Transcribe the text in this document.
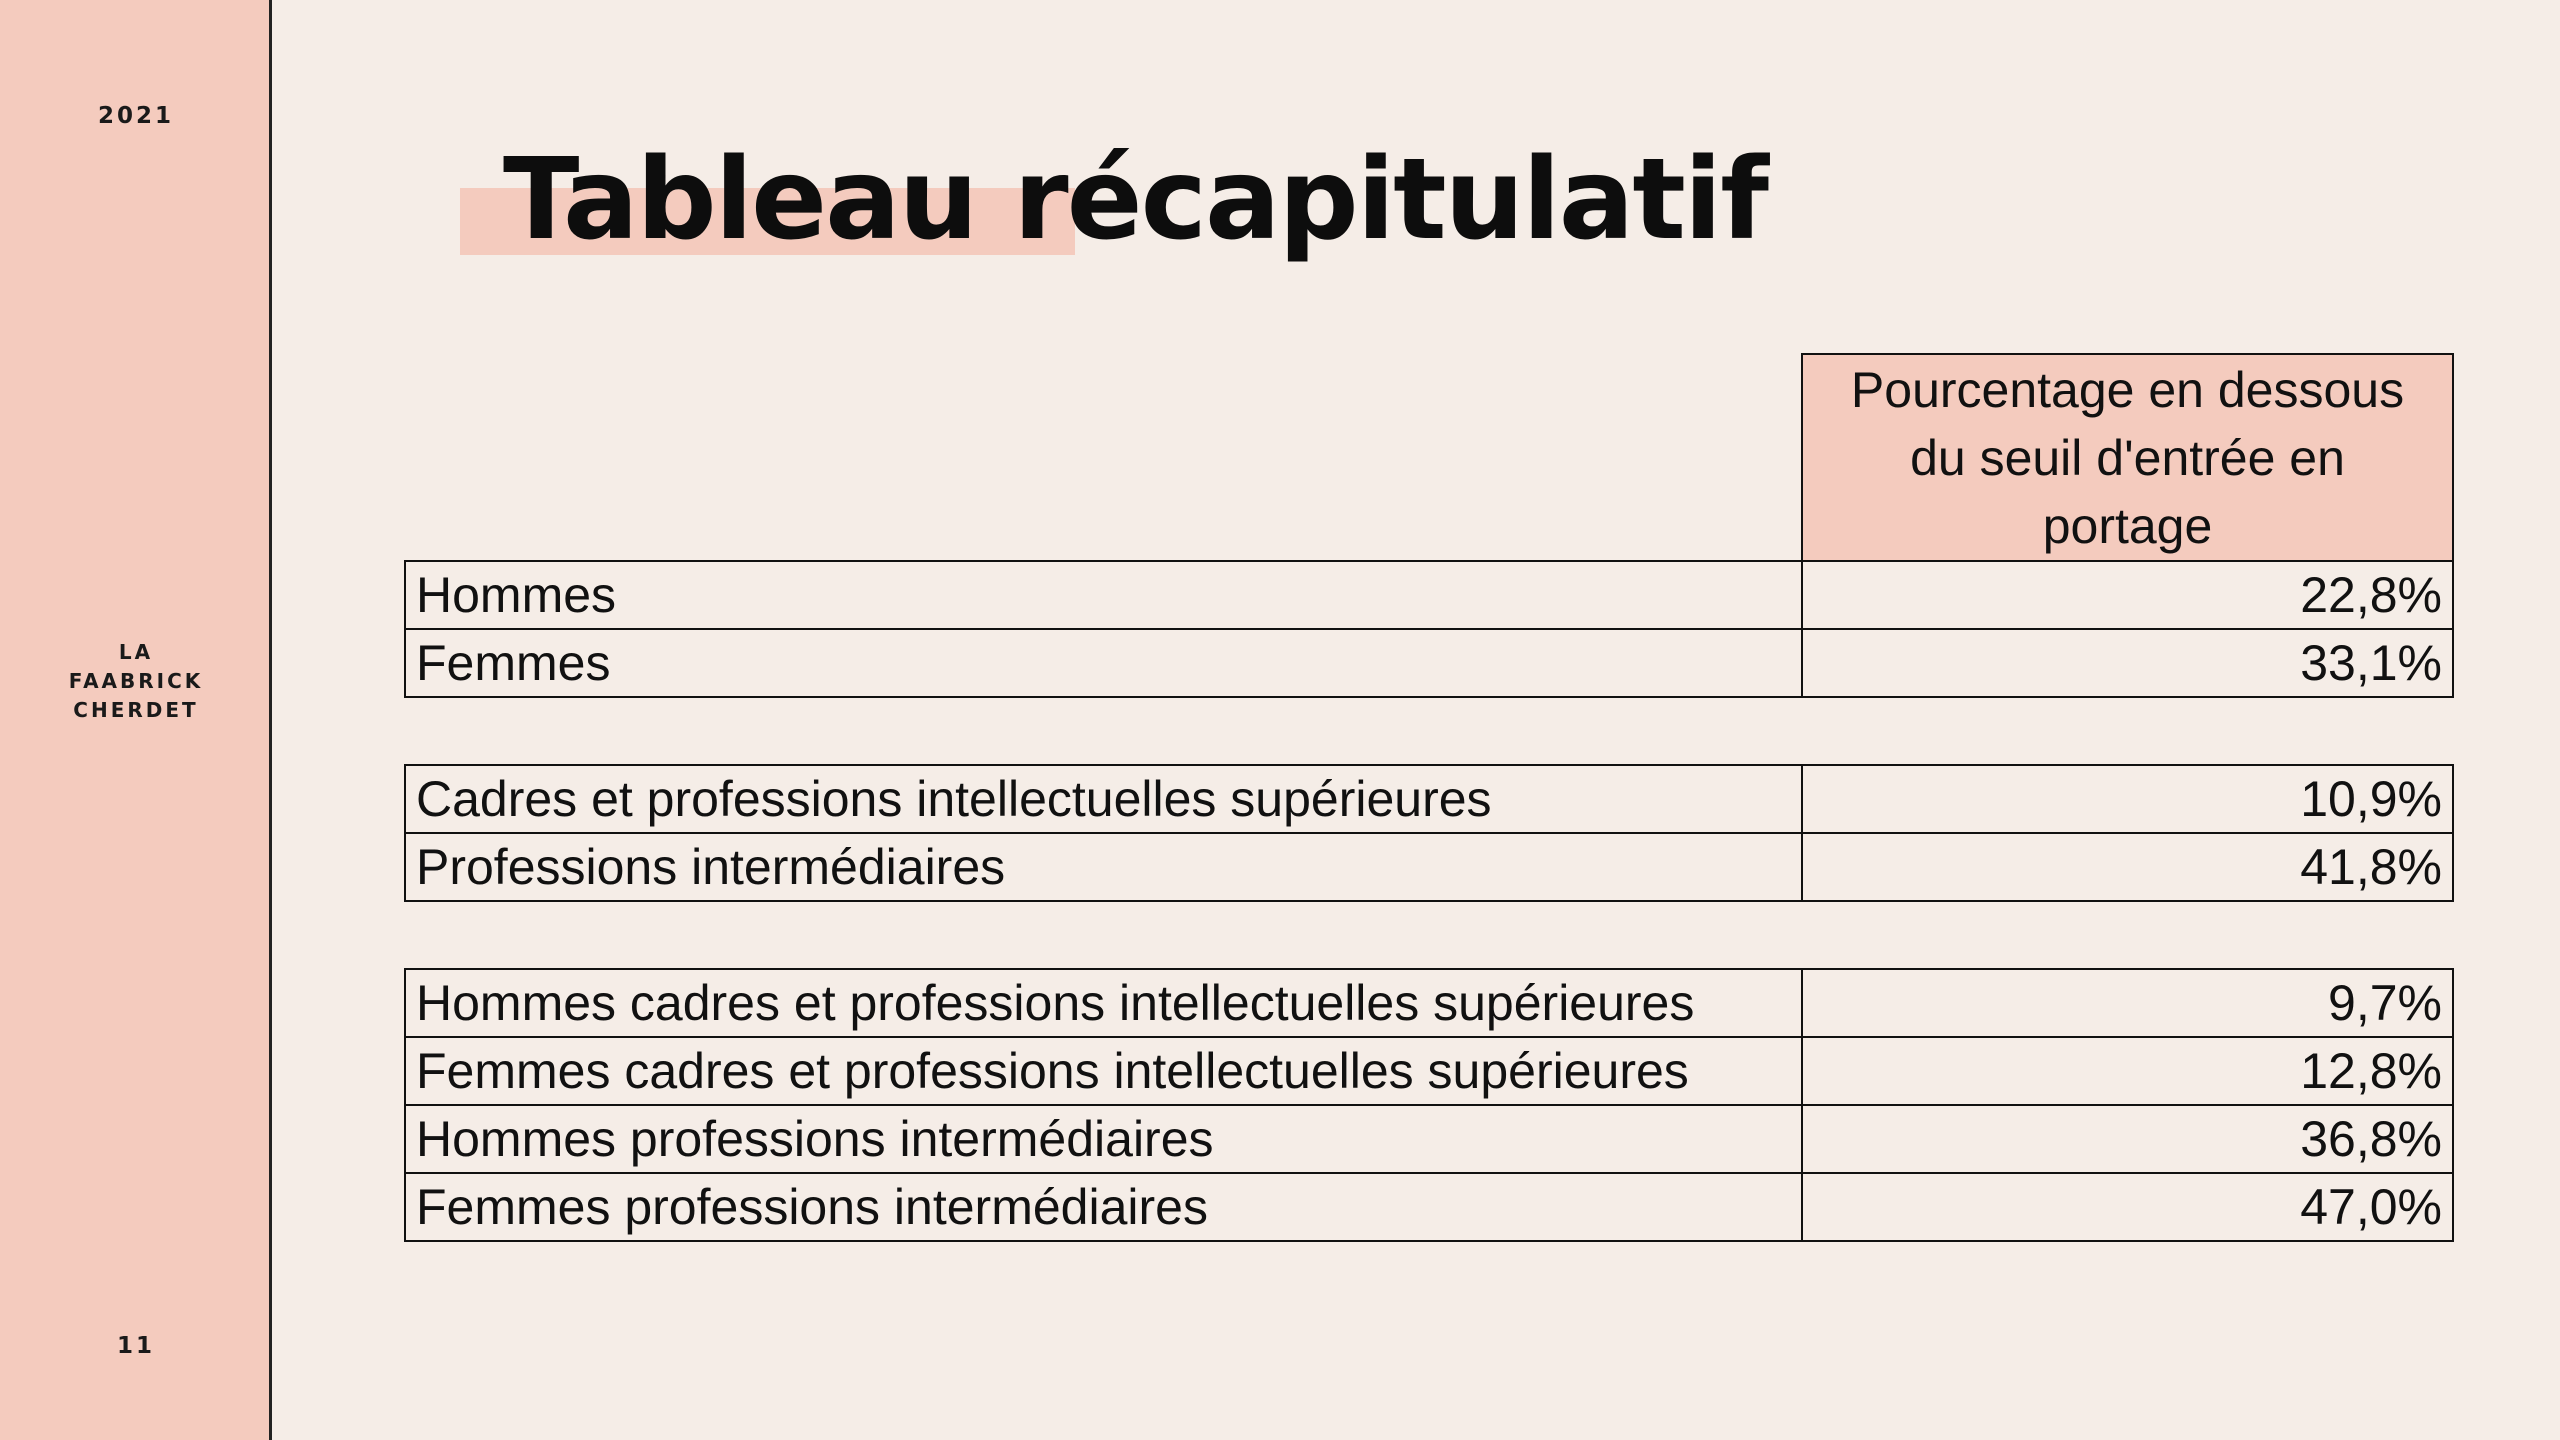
2021
LA
FAABRICK
CHERDET
11
Tableau récapitulatif
	Pourcentage en dessous du seuil d'entrée en portage
Hommes	22,8%
Femmes	33,1%

Cadres et professions intellectuelles supérieures	10,9%
Professions intermédiaires	41,8%

Hommes cadres et professions intellectuelles supérieures	9,7%
Femmes cadres et professions intellectuelles supérieures	12,8%
Hommes professions intermédiaires	36,8%
Femmes professions intermédiaires	47,0%
